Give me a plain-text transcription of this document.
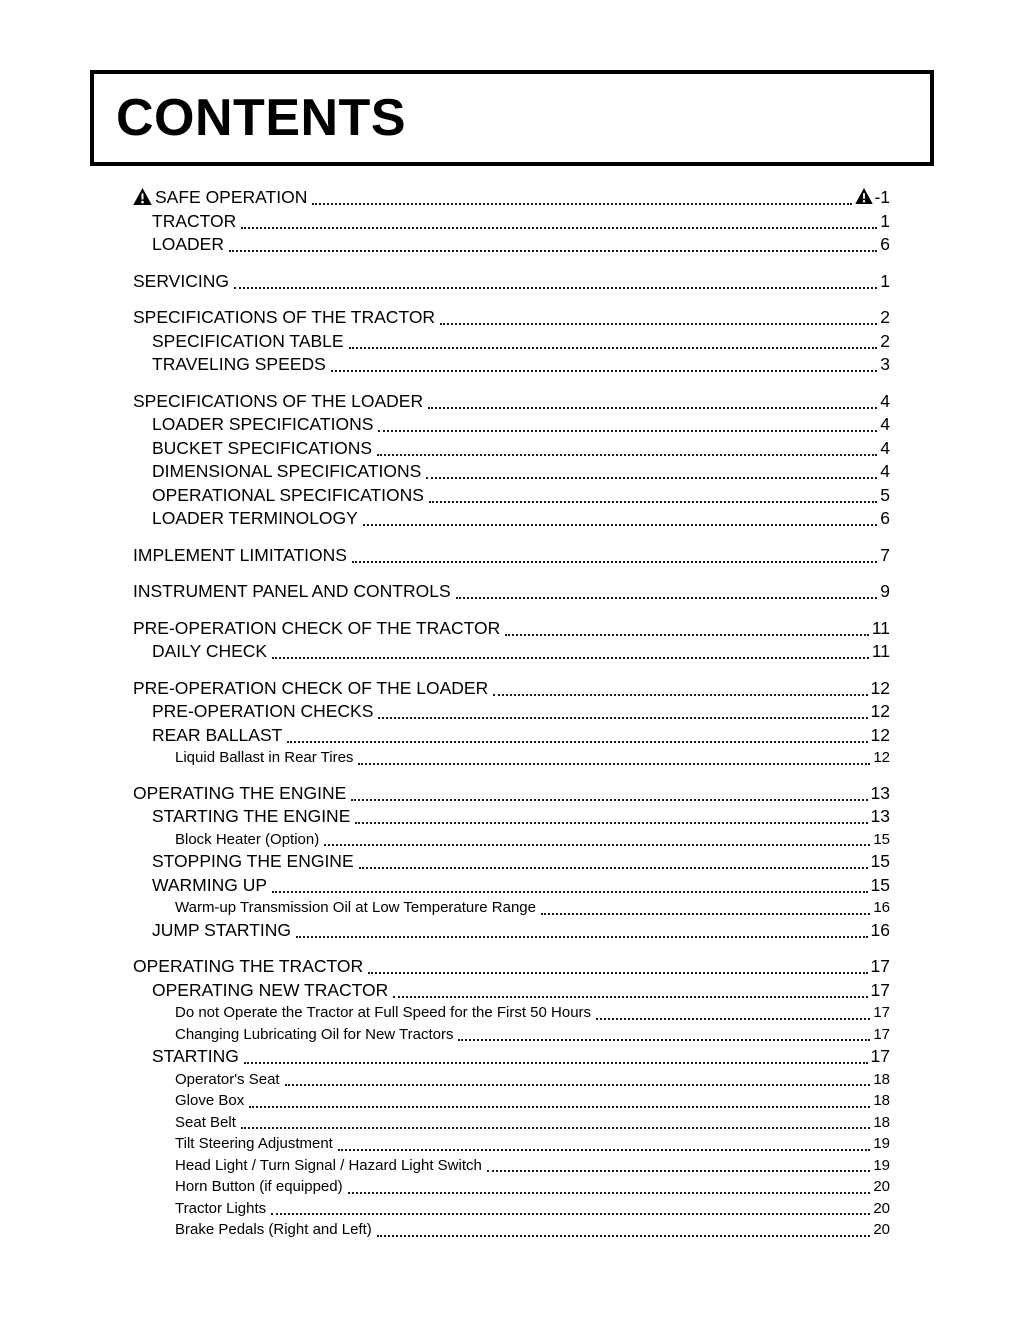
CONTENTS
SAFE OPERATION	-1
TRACTOR	1
LOADER	6
SERVICING	1
SPECIFICATIONS OF THE TRACTOR	2
SPECIFICATION TABLE	2
TRAVELING SPEEDS	3
SPECIFICATIONS OF THE LOADER	4
LOADER SPECIFICATIONS	4
BUCKET SPECIFICATIONS	4
DIMENSIONAL SPECIFICATIONS	4
OPERATIONAL SPECIFICATIONS	5
LOADER TERMINOLOGY	6
IMPLEMENT LIMITATIONS	7
INSTRUMENT PANEL AND CONTROLS	9
PRE-OPERATION CHECK OF THE TRACTOR	11
DAILY CHECK	11
PRE-OPERATION CHECK OF THE LOADER	12
PRE-OPERATION CHECKS	12
REAR BALLAST	12
Liquid Ballast in Rear Tires	12
OPERATING THE ENGINE	13
STARTING THE ENGINE	13
Block Heater (Option)	15
STOPPING THE ENGINE	15
WARMING UP	15
Warm-up Transmission Oil at Low Temperature Range	16
JUMP STARTING	16
OPERATING THE TRACTOR	17
OPERATING NEW TRACTOR	17
Do not Operate the Tractor at Full Speed for the First 50 Hours	17
Changing Lubricating Oil for New Tractors	17
STARTING	17
Operator's Seat	18
Glove Box	18
Seat Belt	18
Tilt Steering Adjustment	19
Head Light / Turn Signal / Hazard Light Switch	19
Horn Button (if equipped)	20
Tractor Lights	20
Brake Pedals (Right and Left)	20
